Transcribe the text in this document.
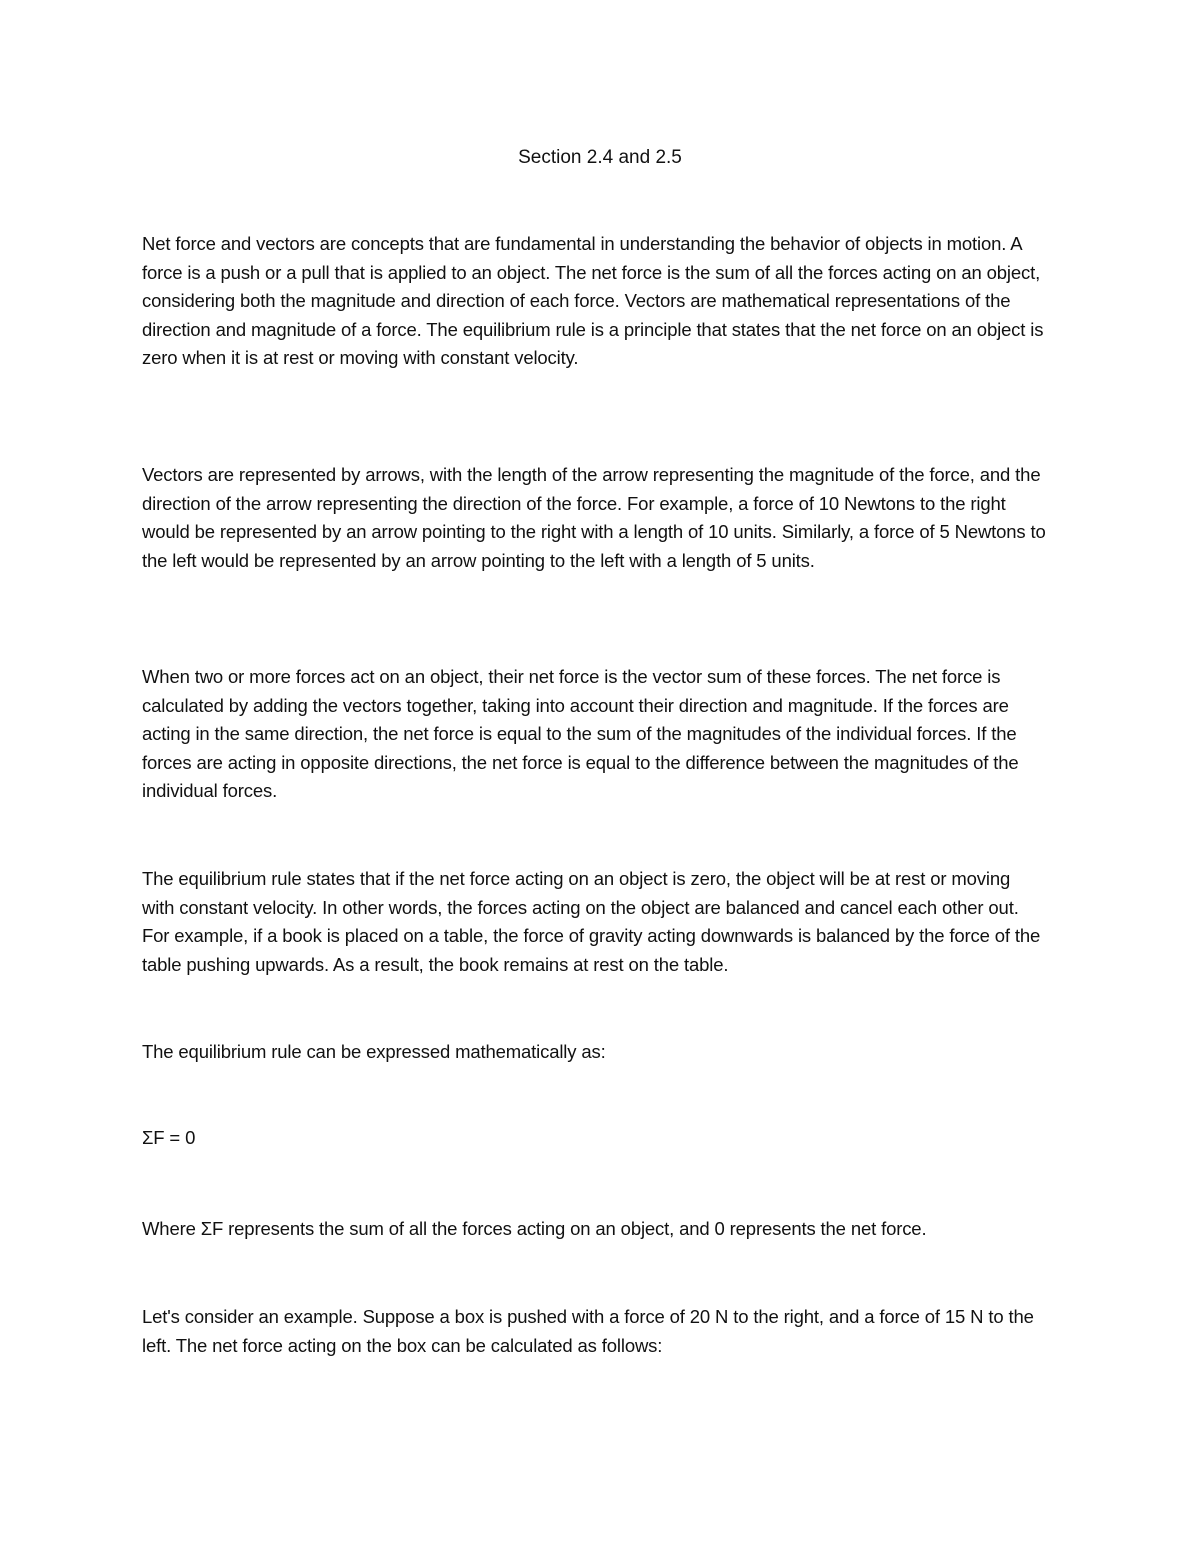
Section 2.4 and 2.5

Net force and vectors are concepts that are fundamental in understanding the behavior of objects in motion. A force is a push or a pull that is applied to an object. The net force is the sum of all the forces acting on an object, considering both the magnitude and direction of each force. Vectors are mathematical representations of the direction and magnitude of a force. The equilibrium rule is a principle that states that the net force on an object is zero when it is at rest or moving with constant velocity.

Vectors are represented by arrows, with the length of the arrow representing the magnitude of the force, and the direction of the arrow representing the direction of the force. For example, a force of 10 Newtons to the right would be represented by an arrow pointing to the right with a length of 10 units. Similarly, a force of 5 Newtons to the left would be represented by an arrow pointing to the left with a length of 5 units.

When two or more forces act on an object, their net force is the vector sum of these forces. The net force is calculated by adding the vectors together, taking into account their direction and magnitude. If the forces are acting in the same direction, the net force is equal to the sum of the magnitudes of the individual forces. If the forces are acting in opposite directions, the net force is equal to the difference between the magnitudes of the individual forces.

The equilibrium rule states that if the net force acting on an object is zero, the object will be at rest or moving with constant velocity. In other words, the forces acting on the object are balanced and cancel each other out. For example, if a book is placed on a table, the force of gravity acting downwards is balanced by the force of the table pushing upwards. As a result, the book remains at rest on the table.

The equilibrium rule can be expressed mathematically as:

ΣF = 0

Where ΣF represents the sum of all the forces acting on an object, and 0 represents the net force.

Let's consider an example. Suppose a box is pushed with a force of 20 N to the right, and a force of 15 N to the left. The net force acting on the box can be calculated as follows:
